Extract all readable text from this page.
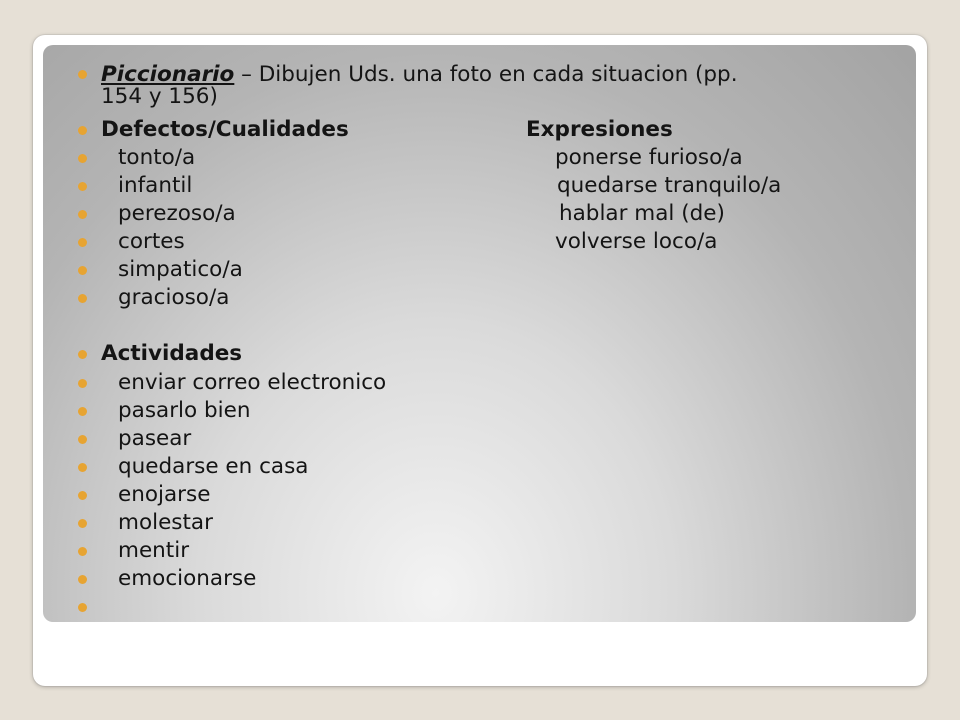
Piccionario – Dibujen Uds. una foto en cada situacion (pp.
154 y 156)
Defectos/Cualidades	Expresiones
tonto/a	ponerse furioso/a
infantil	quedarse tranquilo/a
perezoso/a	hablar mal (de)
cortes	volverse loco/a
simpatico/a
gracioso/a
Actividades
enviar correo electronico
pasarlo bien
pasear
quedarse en casa
enojarse
molestar
mentir
emocionarse
